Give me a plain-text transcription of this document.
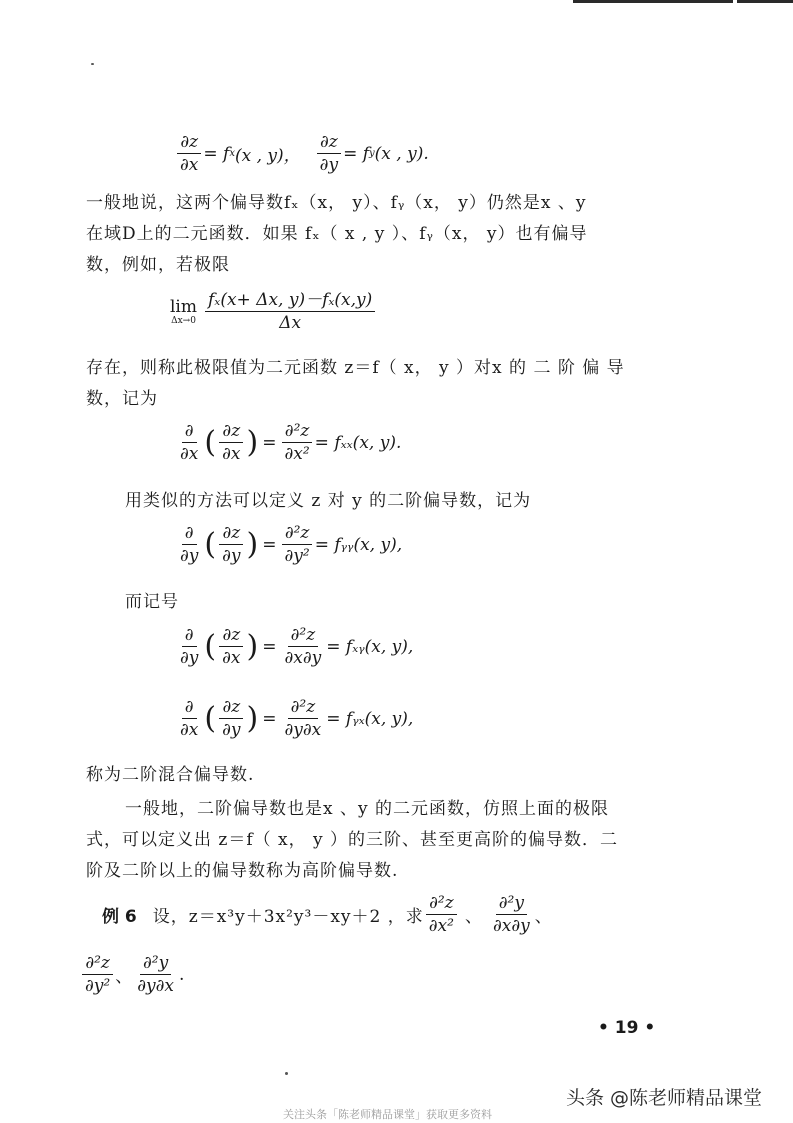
$\frac{\partial z}{\partial x} = f$ x (x , y)， $\frac{\partial z}{\partial y} = f$ y (x , y).
一般地说，这两个偏导数fₓ（x， y）、fᵧ（x， y）仍然是x 、y
在域D上的二元函数．如果 fₓ（ x , y ）、fᵧ（x， y）也有偏导
数，例如，若极限
lim
$\Delta x\to 0 \frac{\text{fₓ(x+ Δx, y)－fₓ(x,y)}}{\Delta x}$
存在，则称此极限值为二元函数 z＝f（ x， y ）对x 的 二 阶 偏 导
数，记为
$\frac{\partial}{\partial x}$ ( $\frac{\partial z}{\partial x}$ ) = $\frac{\text{∂²z}}{\text{∂x²}} = f_{xx}(x$, y).
用类似的方法可以定义 z 对 y 的二阶偏导数，记为
$\frac{\partial}{\partial y}$ ( $\frac{\partial z}{\partial y}$ ) = $\frac{\text{∂²z}}{\text{∂y²}}$ = fᵧᵧ(x, y),
而记号
$\frac{\partial}{\partial y}$ ( $\frac{\partial z}{\partial x}$ ) = $\frac{\text{∂²z}}{\partial x\partial y}$ = fₓᵧ(x, y),
$\frac{\partial}{\partial x}$ ( $\frac{\partial z}{\partial y}$ ) = $\frac{\text{∂²z}}{\partial y\partial x}$ = fᵧₓ(x, y),
称为二阶混合偏导数.
一般地，二阶偏导数也是x 、y 的二元函数，仿照上面的极限
式，可以定义出 z＝f（ x， y ）的三阶、甚至更高阶的偏导数．二
阶及二阶以上的偏导数称为高阶偏导数.
例 6 设，z＝x³y＋3x²y³－xy＋2 ，求 $\frac{\text{∂²z}}{\text{∂x²}}$ 、 $\frac{\text{∂²y}}{\partial x\partial y}$ 、
$\frac{\text{∂²z}}{\text{∂y²}}$ 、 $\frac{\text{∂²y}}{\partial y\partial x}$ .
• 19 •
头条 @陈老师精品课堂
关注头条「陈老师精品课堂」获取更多资料
